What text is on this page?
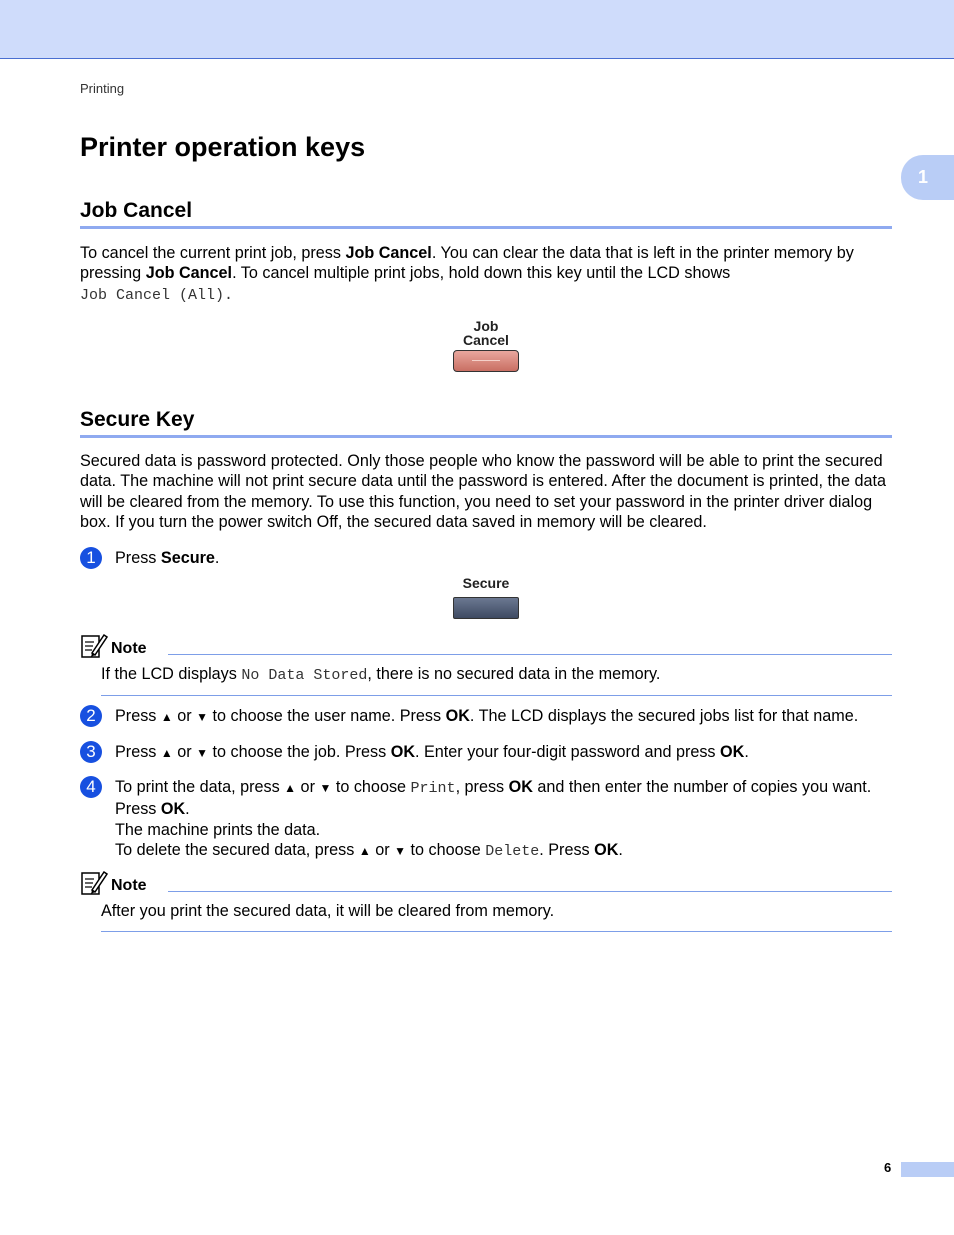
Printing
1
Printer operation keys
Job Cancel

To cancel the current print job, press Job Cancel. You can clear the data that is left in the printer memory by pressing Job Cancel. To cancel multiple print jobs, hold down this key until the LCD shows
Job Cancel (All).

Job
Cancel
Secure Key

Secured data is password protected. Only those people who know the password will be able to print the secured data. The machine will not print secure data until the password is entered. After the document is printed, the data will be cleared from the memory. To use this function, you need to set your password in the printer driver dialog box. If you turn the power switch Off, the secured data saved in memory will be cleared.

1	Press Secure.
Secure
Note
If the LCD displays No Data Stored, there is no secured data in the memory.
2	Press ▲ or ▼ to choose the user name. Press OK. The LCD displays the secured jobs list for that name.
3	Press ▲ or ▼ to choose the job. Press OK. Enter your four-digit password and press OK.
4	To print the data, press ▲ or ▼ to choose Print, press OK and then enter the number of copies you want.
Press OK.
The machine prints the data.
To delete the secured data, press ▲ or ▼ to choose Delete. Press OK.
Note
After you print the secured data, it will be cleared from memory.
6
